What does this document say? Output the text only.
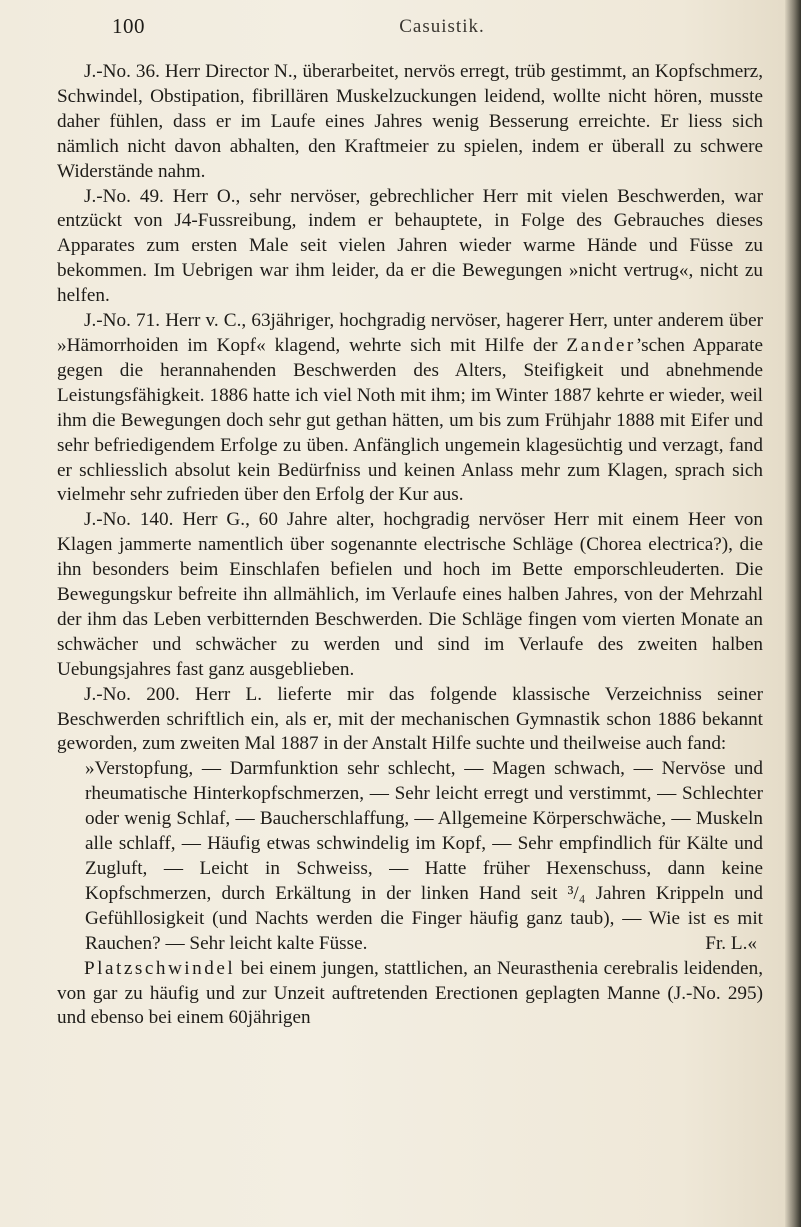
100	Casuistik.

J.-No. 36. Herr Director N., überarbeitet, nervös erregt, trüb gestimmt, an Kopfschmerz, Schwindel, Obstipation, fibrillären Muskelzuckungen leidend, wollte nicht hören, musste daher fühlen, dass er im Laufe eines Jahres wenig Besserung erreichte. Er liess sich nämlich nicht davon abhalten, den Kraftmeier zu spielen, indem er überall zu schwere Widerstände nahm.

J.-No. 49. Herr O., sehr nervöser, gebrechlicher Herr mit vielen Beschwerden, war entzückt von J4-Fussreibung, indem er behauptete, in Folge des Gebrauches dieses Apparates zum ersten Male seit vielen Jahren wieder warme Hände und Füsse zu bekommen. Im Uebrigen war ihm leider, da er die Bewegungen »nicht vertrug«, nicht zu helfen.

J.-No. 71. Herr v. C., 63jähriger, hochgradig nervöser, hagerer Herr, unter anderem über »Hämorrhoiden im Kopf« klagend, wehrte sich mit Hilfe der Zander’schen Apparate gegen die herannahenden Beschwerden des Alters, Steifigkeit und abnehmende Leistungsfähigkeit. 1886 hatte ich viel Noth mit ihm; im Winter 1887 kehrte er wieder, weil ihm die Bewegungen doch sehr gut gethan hätten, um bis zum Frühjahr 1888 mit Eifer und sehr befriedigendem Erfolge zu üben. Anfänglich ungemein klagesüchtig und verzagt, fand er schliesslich absolut kein Bedürfniss und keinen Anlass mehr zum Klagen, sprach sich vielmehr sehr zufrieden über den Erfolg der Kur aus.

J.-No. 140. Herr G., 60 Jahre alter, hochgradig nervöser Herr mit einem Heer von Klagen jammerte namentlich über sogenannte electrische Schläge (Chorea electrica?), die ihn besonders beim Einschlafen befielen und hoch im Bette emporschleuderten. Die Bewegungskur befreite ihn allmählich, im Verlaufe eines halben Jahres, von der Mehrzahl der ihm das Leben verbitternden Beschwerden. Die Schläge fingen vom vierten Monate an schwächer und schwächer zu werden und sind im Verlaufe des zweiten halben Uebungsjahres fast ganz ausgeblieben.

J.-No. 200. Herr L. lieferte mir das folgende klassische Verzeichniss seiner Beschwerden schriftlich ein, als er, mit der mechanischen Gymnastik schon 1886 bekannt geworden, zum zweiten Mal 1887 in der Anstalt Hilfe suchte und theilweise auch fand:

»Verstopfung, — Darmfunktion sehr schlecht, — Magen schwach, — Nervöse und rheumatische Hinterkopfschmerzen, — Sehr leicht erregt und verstimmt, — Schlechter oder wenig Schlaf, — Baucherschlaffung, — Allgemeine Körperschwäche, — Muskeln alle schlaff, — Häufig etwas schwindelig im Kopf, — Sehr empfindlich für Kälte und Zugluft, — Leicht in Schweiss, — Hatte früher Hexenschuss, dann keine Kopfschmerzen, durch Erkältung in der linken Hand seit ³/₄ Jahren Krippeln und Gefühllosigkeit (und Nachts werden die Finger häufig ganz taub), — Wie ist es mit Rauchen? — Sehr leicht kalte Füsse.	Fr. L.«

Platzschwindel bei einem jungen, stattlichen, an Neurasthenia cerebralis leidenden, von gar zu häufig und zur Unzeit auftretenden Erectionen geplagten Manne (J.-No. 295) und ebenso bei einem 60jährigen
